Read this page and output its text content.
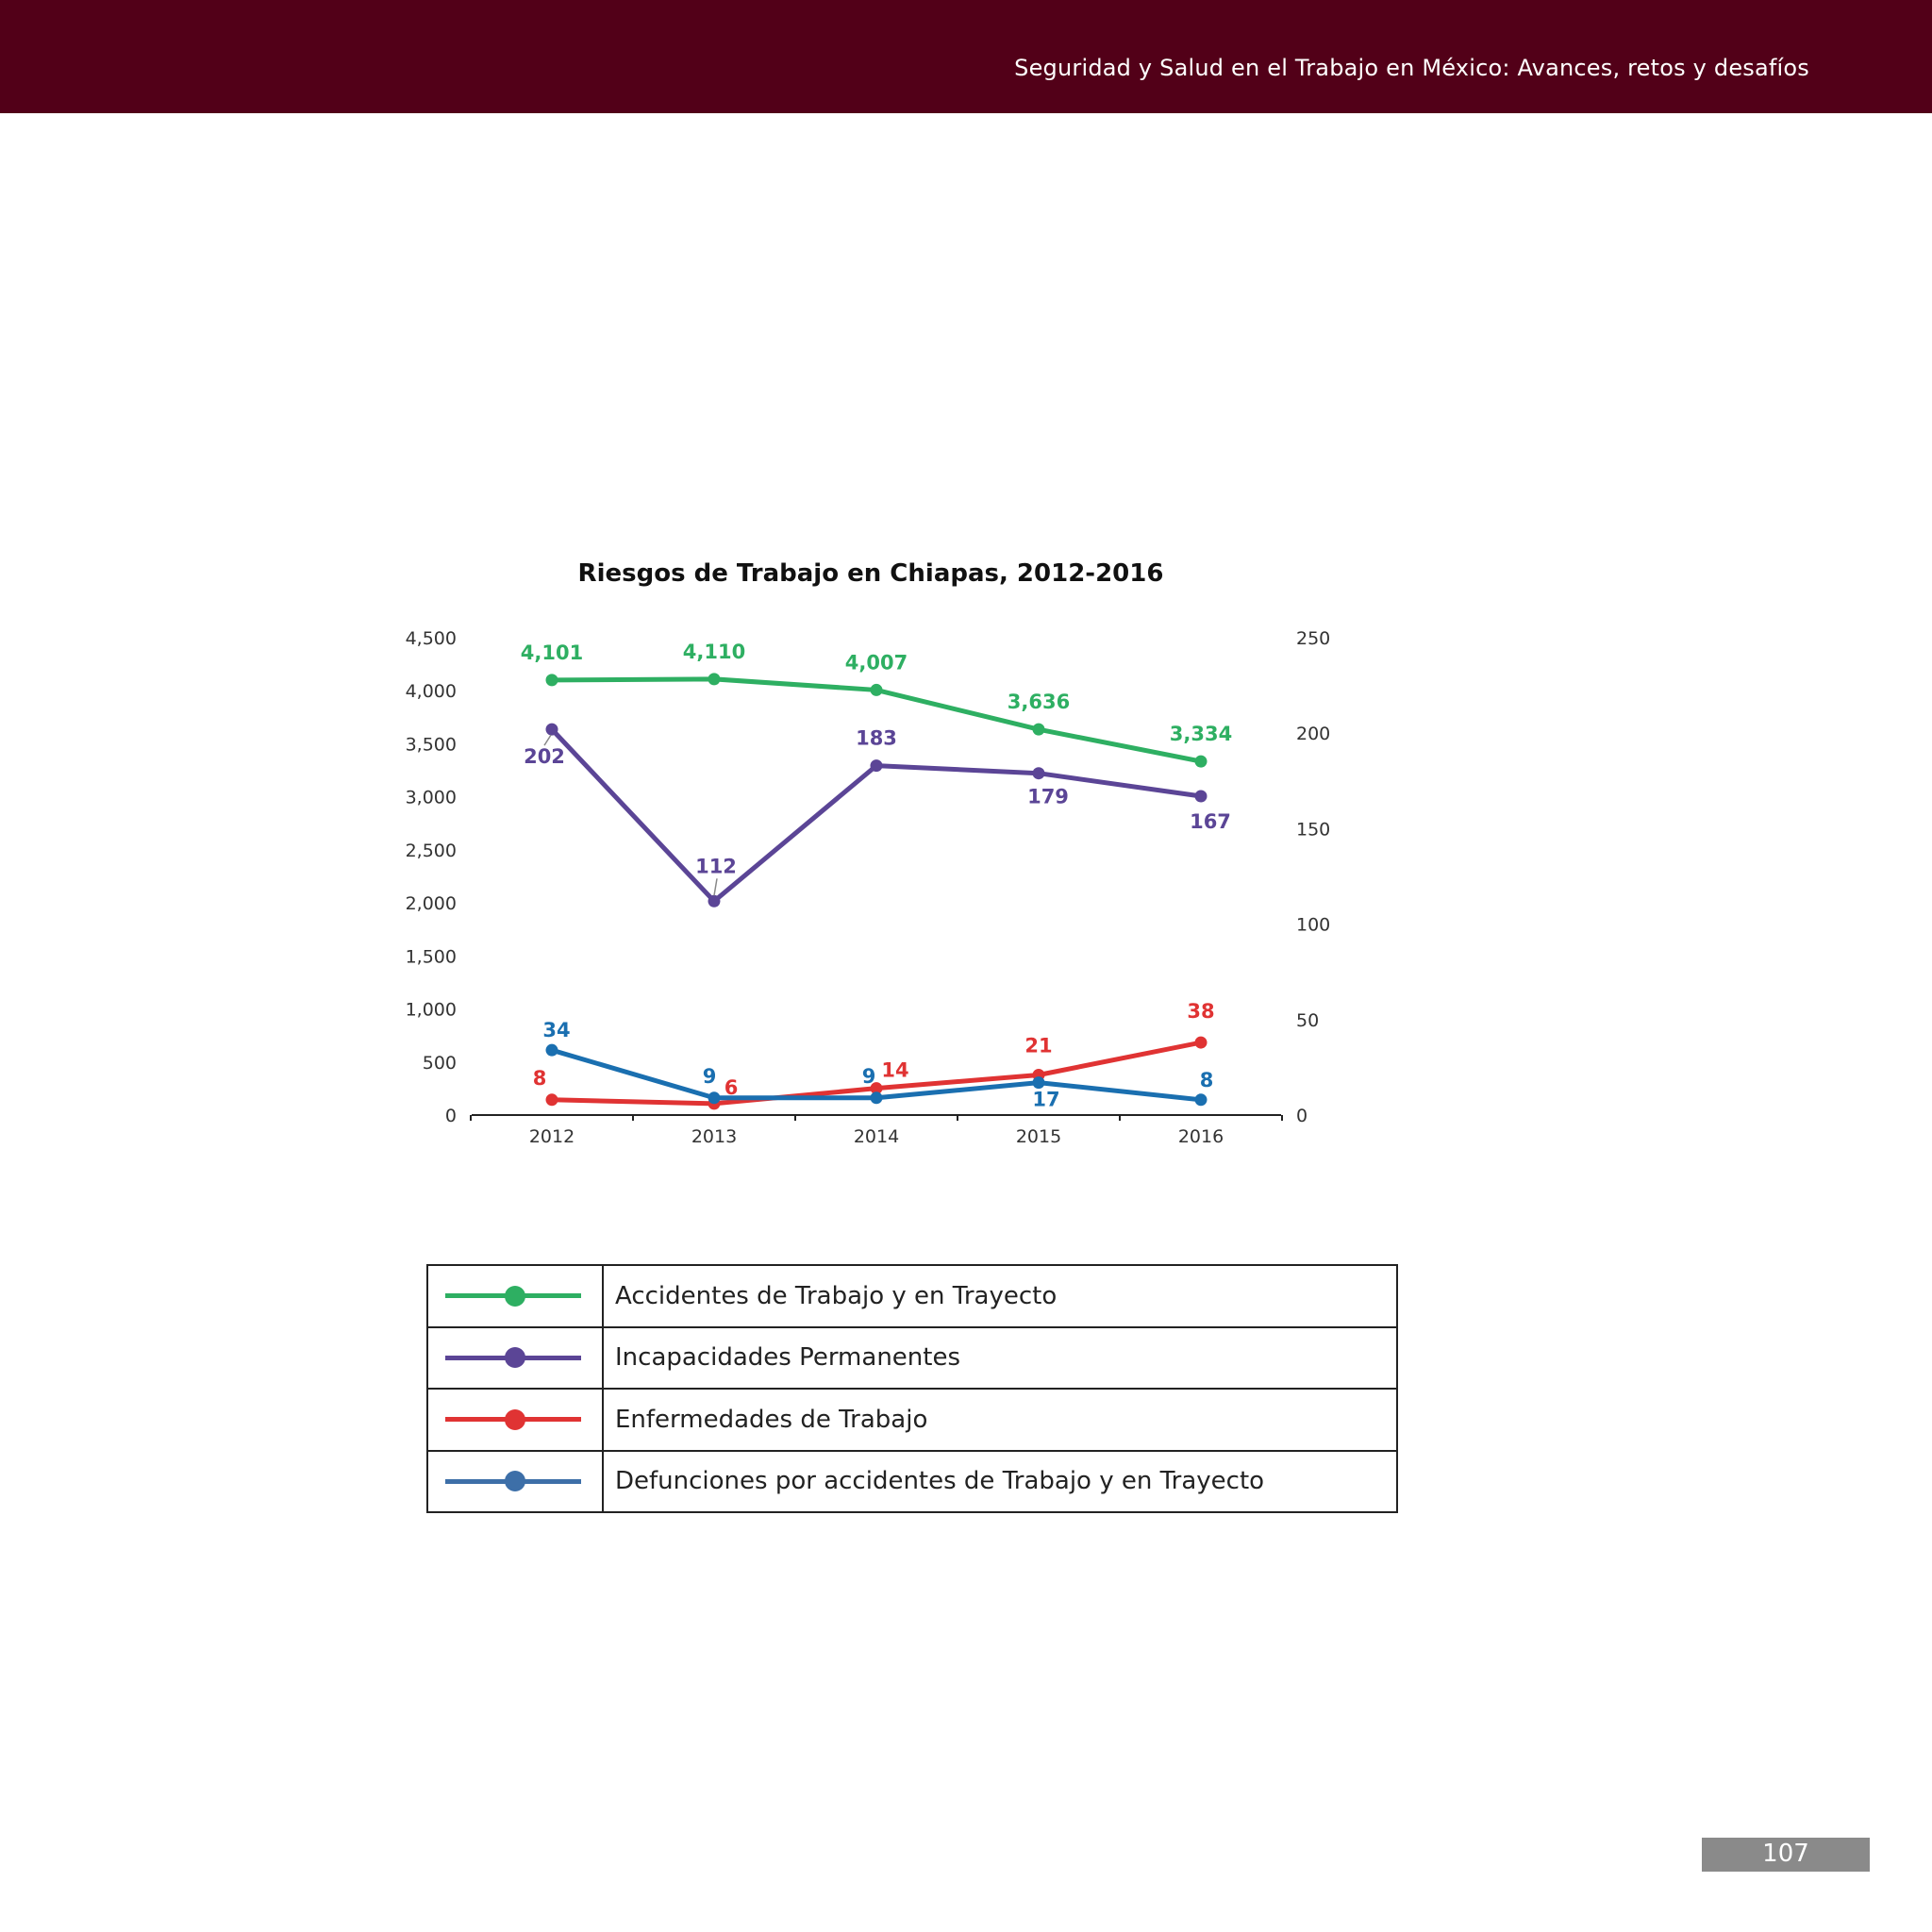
Seguridad y Salud en el Trabajo en México: Avances, retos y desafíos
Riesgos de Trabajo en Chiapas, 2012-2016
2012	2013	2014	2015	2016
0
500
1,000
1,500
2,000
2,500
3,000
3,500
4,000
4,500
0
50
100
150
200
250
4,101	4,110	4,007
3,636
3,334
202
112
183
179
167
8	6
14
21
38
34
9	9
17
8
	Accidentes de Trabajo y en Trayecto

	Incapacidades Permanentes

	Enfermedades de Trabajo

	Defunciones por accidentes de Trabajo y en Trayecto
107
